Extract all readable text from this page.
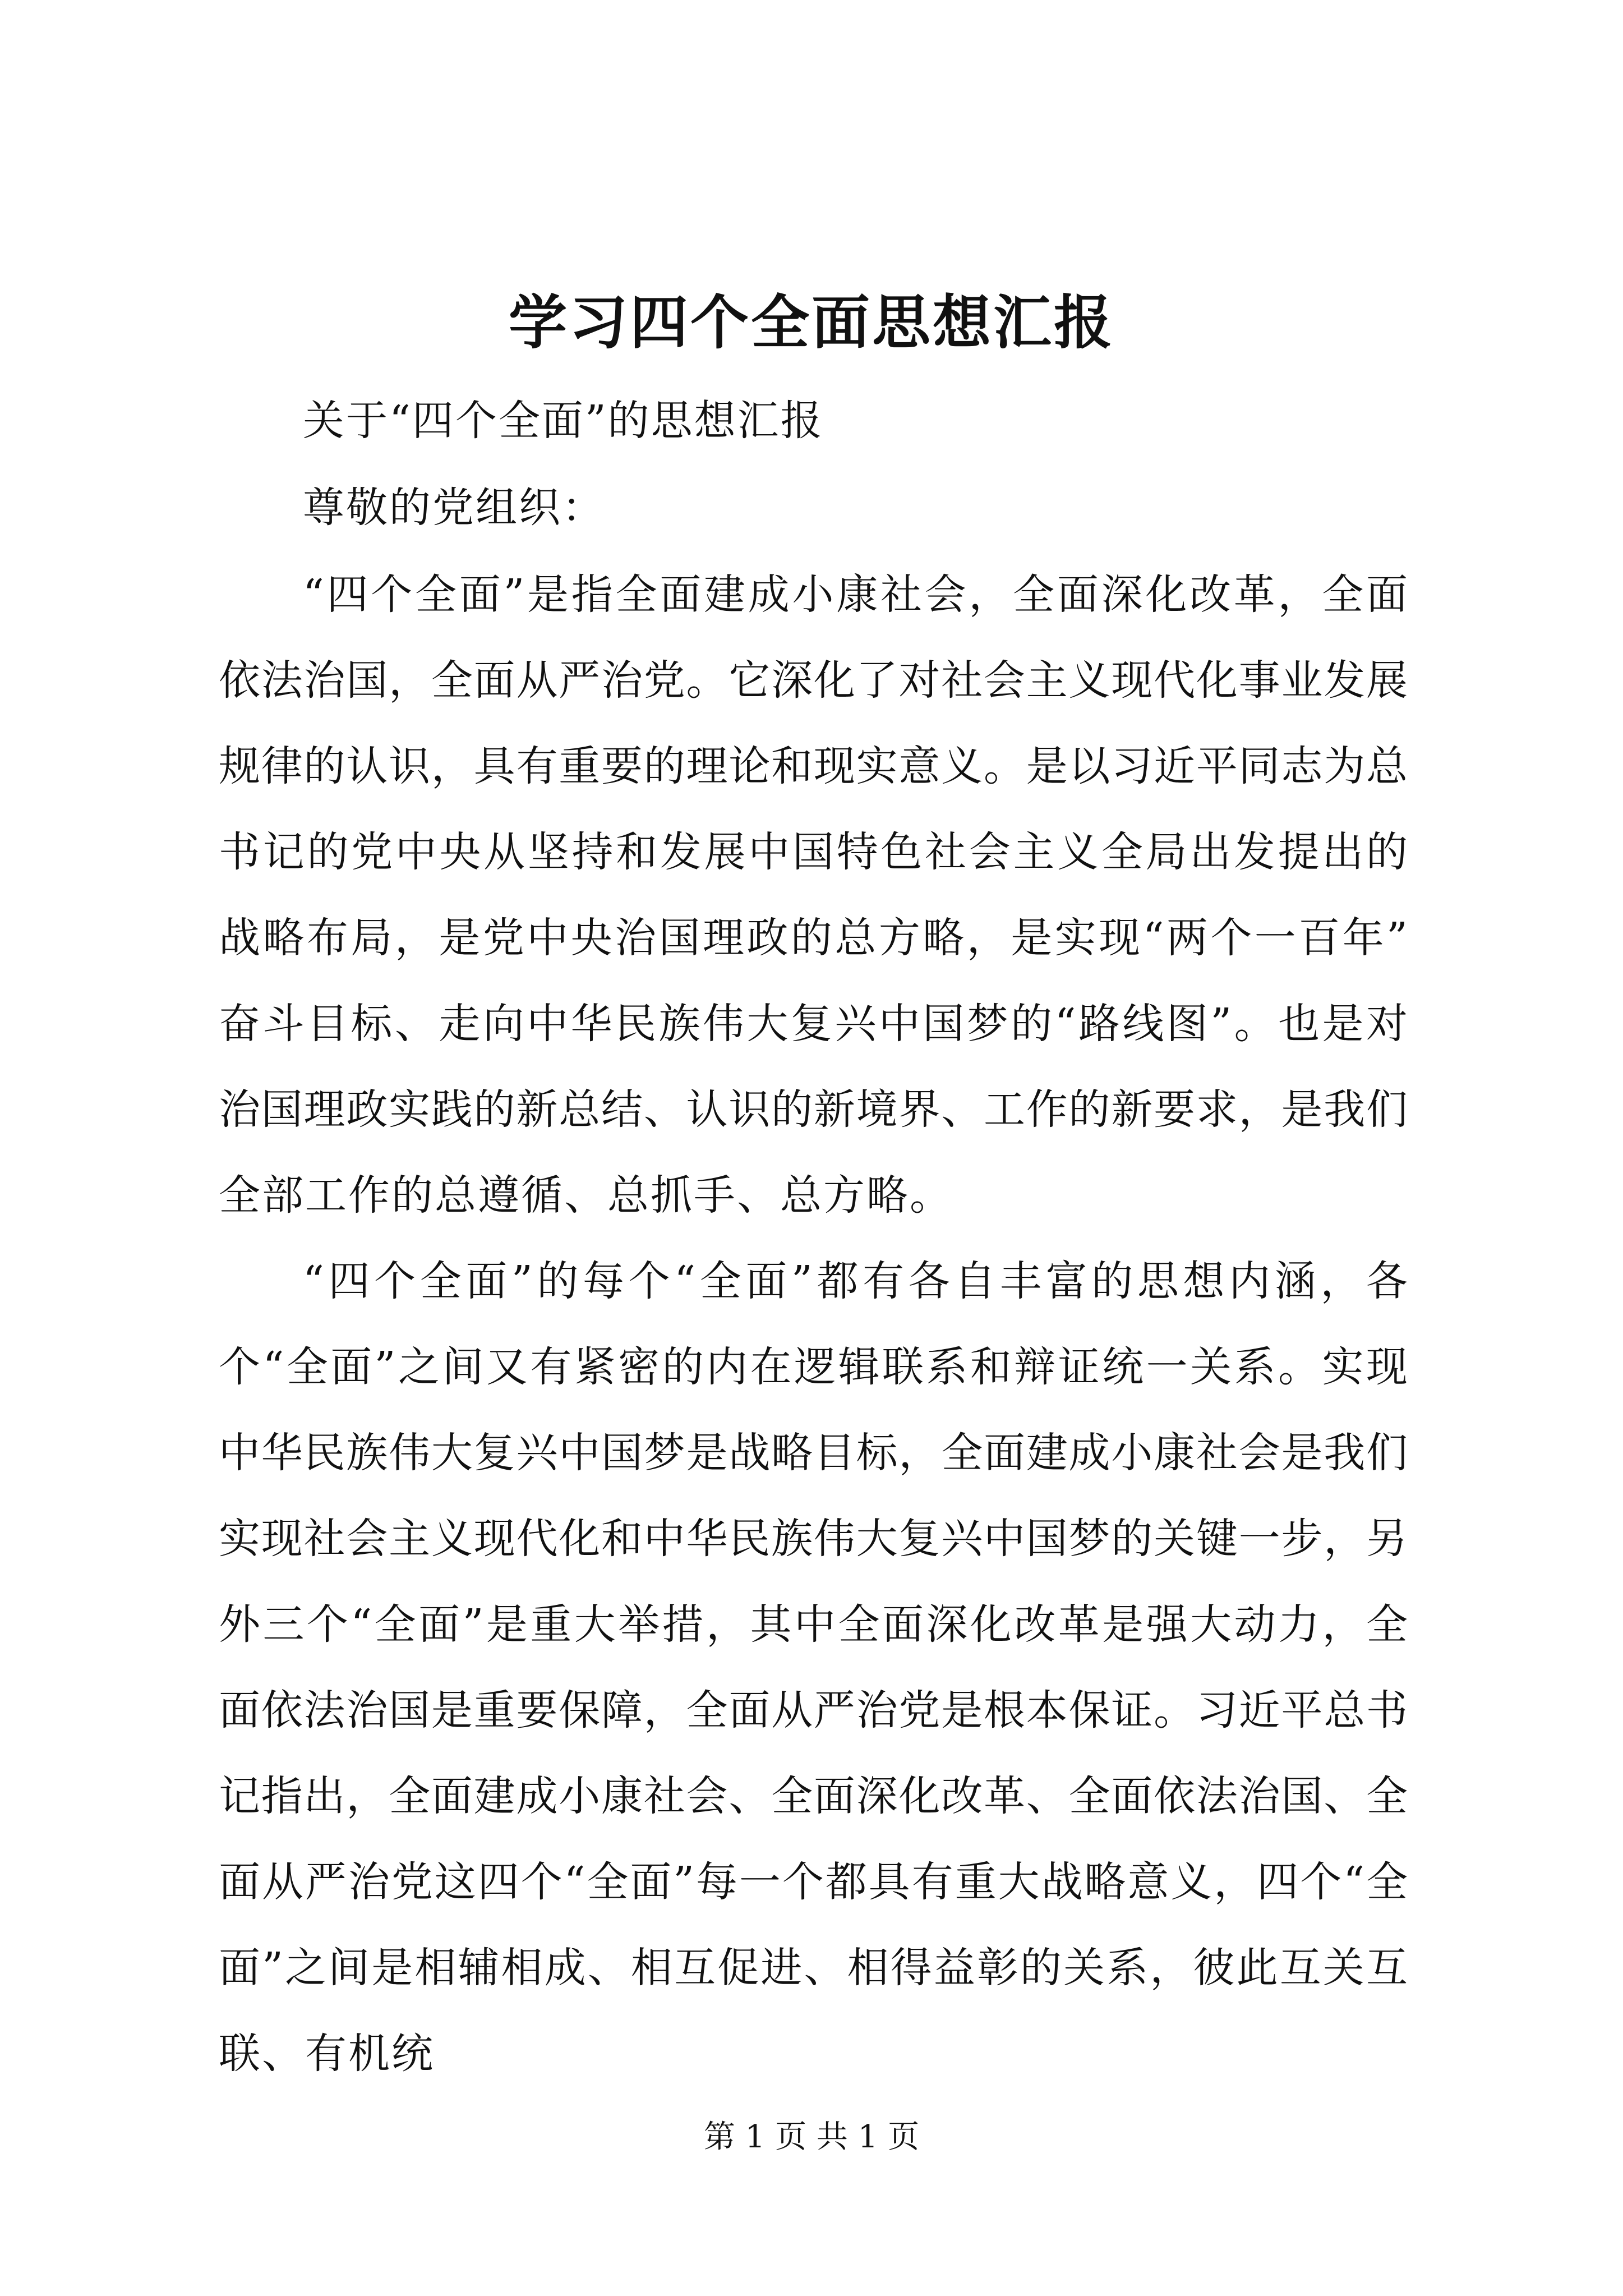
学习四个全面思想汇报

关于“四个全面”的思想汇报

尊敬的党组织：

“四个全面”是指全面建成小康社会，全面深化改革，全面

依法治国，全面从严治党。它深化了对社会主义现代化事业发展

规律的认识，具有重要的理论和现实意义。是以习近平同志为总

书记的党中央从坚持和发展中国特色社会主义全局出发提出的

战略布局，是党中央治国理政的总方略，是实现“两个一百年”

奋斗目标、走向中华民族伟大复兴中国梦的“路线图”。也是对

治国理政实践的新总结、认识的新境界、工作的新要求，是我们

全部工作的总遵循、总抓手、总方略。

“四个全面”的每个“全面”都有各自丰富的思想内涵，各

个“全面”之间又有紧密的内在逻辑联系和辩证统一关系。实现

中华民族伟大复兴中国梦是战略目标，全面建成小康社会是我们

实现社会主义现代化和中华民族伟大复兴中国梦的关键一步，另

外三个“全面”是重大举措，其中全面深化改革是强大动力，全

面依法治国是重要保障，全面从严治党是根本保证。习近平总书

记指出，全面建成小康社会、全面深化改革、全面依法治国、全

面从严治党这四个“全面”每一个都具有重大战略意义，四个“全

面”之间是相辅相成、相互促进、相得益彰的关系，彼此互关互

联、有机统

第 1 页 共 1 页
